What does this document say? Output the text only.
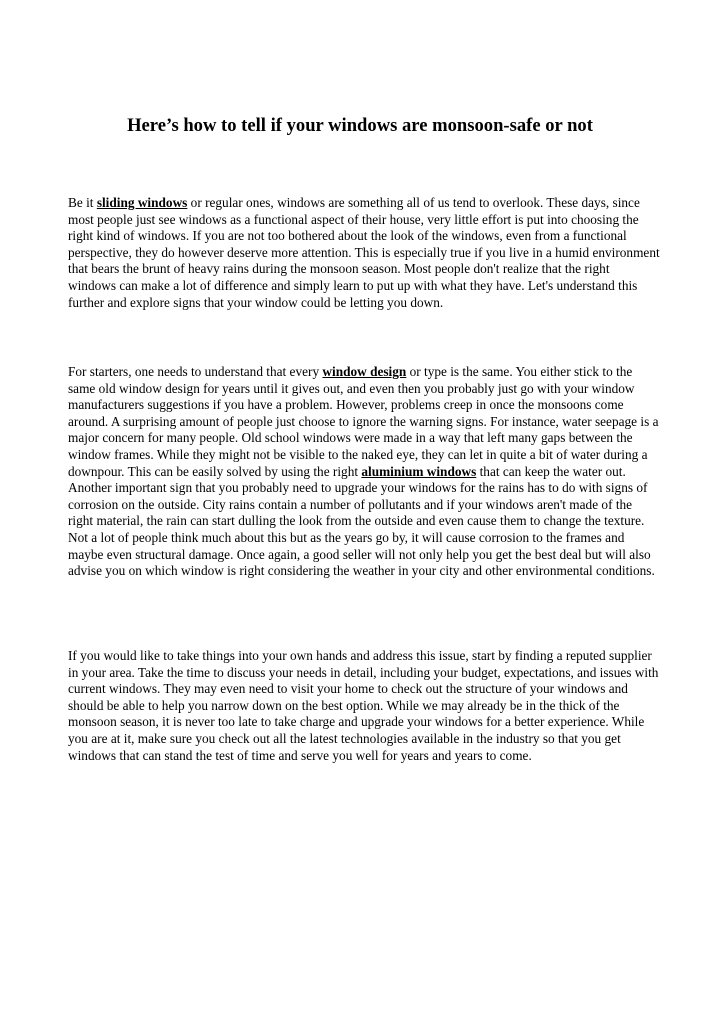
Here’s how to tell if your windows are monsoon-safe or not

Be it sliding windows or regular ones, windows are something all of us tend to overlook. These days, since most people just see windows as a functional aspect of their house, very little effort is put into choosing the right kind of windows. If you are not too bothered about the look of the windows, even from a functional perspective, they do however deserve more attention. This is especially true if you live in a humid environment that bears the brunt of heavy rains during the monsoon season. Most people don't realize that the right windows can make a lot of difference and simply learn to put up with what they have. Let's understand this further and explore signs that your window could be letting you down.

For starters, one needs to understand that every window design or type is the same. You either stick to the same old window design for years until it gives out, and even then you probably just go with your window manufacturers suggestions if you have a problem. However, problems creep in once the monsoons come around. A surprising amount of people just choose to ignore the warning signs. For instance, water seepage is a major concern for many people. Old school windows were made in a way that left many gaps between the window frames. While they might not be visible to the naked eye, they can let in quite a bit of water during a downpour. This can be easily solved by using the right aluminium windows that can keep the water out. Another important sign that you probably need to upgrade your windows for the rains has to do with signs of corrosion on the outside. City rains contain a number of pollutants and if your windows aren't made of the right material, the rain can start dulling the look from the outside and even cause them to change the texture. Not a lot of people think much about this but as the years go by, it will cause corrosion to the frames and maybe even structural damage. Once again, a good seller will not only help you get the best deal but will also advise you on which window is right considering the weather in your city and other environmental conditions.

If you would like to take things into your own hands and address this issue, start by finding a reputed supplier in your area. Take the time to discuss your needs in detail, including your budget, expectations, and issues with current windows. They may even need to visit your home to check out the structure of your windows and should be able to help you narrow down on the best option. While we may already be in the thick of the monsoon season, it is never too late to take charge and upgrade your windows for a better experience. While you are at it, make sure you check out all the latest technologies available in the industry so that you get windows that can stand the test of time and serve you well for years and years to come.
